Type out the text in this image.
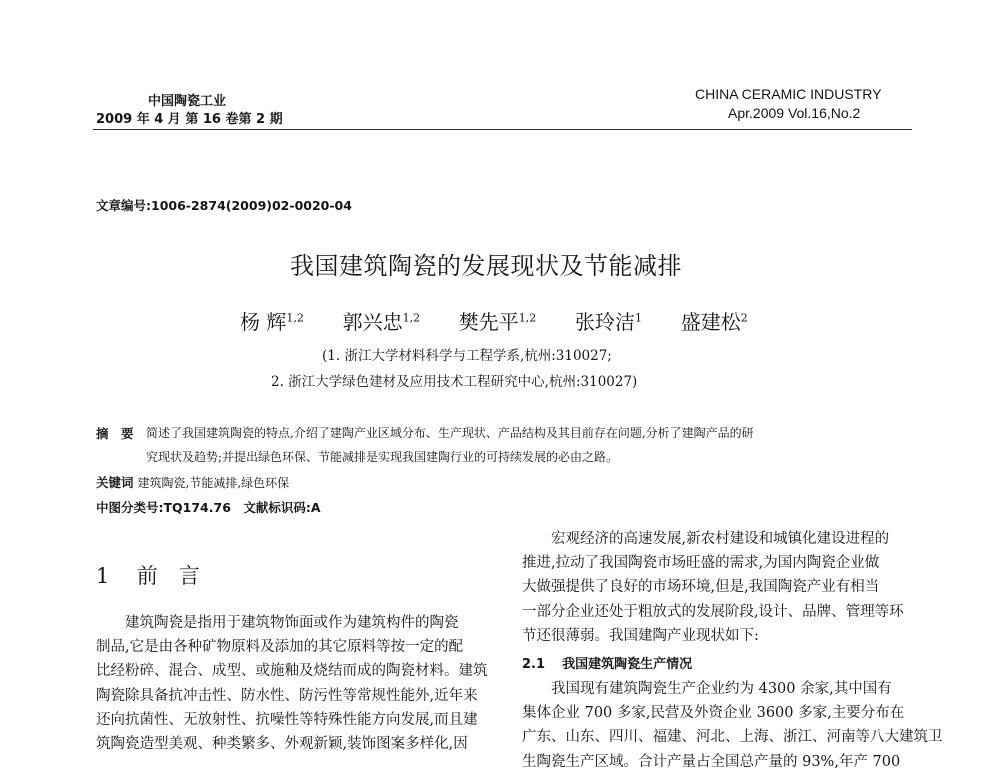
中国陶瓷工业
2009 年 4 月 第 16 卷第 2 期
CHINA CERAMIC INDUSTRY
Apr.2009 Vol.16,No.2
文章编号:1006-2874(2009)02-0020-04
我国建筑陶瓷的发展现状及节能减排
杨 辉$^{1,2}$ 郭兴忠$^{1,2}$ 樊先平$^{1,2}$ 张玲洁$^1$ 盛建松$^2$
(1. 浙江大学材料科学与工程学系,杭州:310027;
2. 浙江大学绿色建材及应用技术工程研究中心,杭州:310027)
摘　要 简述了我国建筑陶瓷的特点,介绍了建陶产业区域分布、生产现状、产品结构及其目前存在问题,分析了建陶产品的研
究现状及趋势;并提出绿色环保、节能减排是实现我国建陶行业的可持续发展的必由之路。
关键词 建筑陶瓷,节能减排,绿色环保
中图分类号:TQ174.76　文献标识码:A
1 前　言
　　建筑陶瓷是指用于建筑物饰面或作为建筑构件的陶瓷
制品,它是由各种矿物原料及添加的其它原料等按一定的配
比经粉碎、混合、成型、或施釉及烧结而成的陶瓷材料。建筑
陶瓷除具备抗冲击性、防水性、防污性等常规性能外,近年来
还向抗菌性、无放射性、抗噪性等特殊性能方向发展,而且建
筑陶瓷造型美观、种类繁多、外观新颖,装饰图案多样化,因
　　宏观经济的高速发展,新农村建设和城镇化建设进程的
推进,拉动了我国陶瓷市场旺盛的需求,为国内陶瓷企业做
大做强提供了良好的市场环境,但是,我国陶瓷产业有相当
一部分企业还处于粗放式的发展阶段,设计、品牌、管理等环
节还很薄弱。我国建陶产业现状如下:
2.1 我国建筑陶瓷生产情况
　　我国现有建筑陶瓷生产企业约为 4300 余家,其中国有
集体企业 700 多家,民营及外资企业 3600 多家,主要分布在
广东、山东、四川、福建、河北、上海、浙江、河南等八大建筑卫
生陶瓷生产区域。合计产量占全国总产量的 93%,年产 700
